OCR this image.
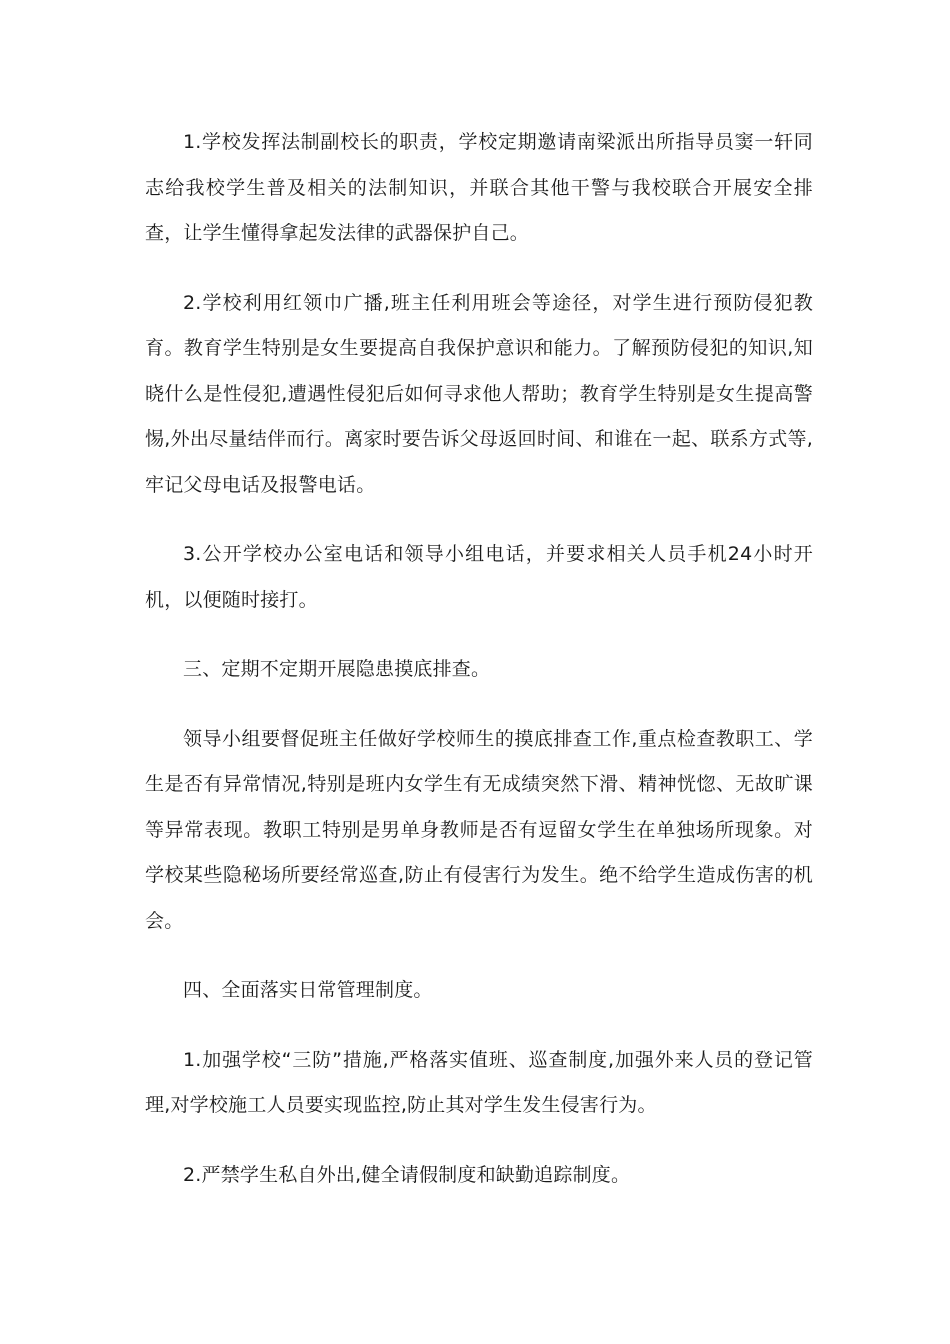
1.学校发挥法制副校长的职责，学校定期邀请南梁派出所指导员窦一轩同志给我校学生普及相关的法制知识，并联合其他干警与我校联合开展安全排查，让学生懂得拿起发法律的武器保护自己。

2.学校利用红领巾广播,班主任利用班会等途径，对学生进行预防侵犯教育。教育学生特别是女生要提高自我保护意识和能力。了解预防侵犯的知识,知晓什么是性侵犯,遭遇性侵犯后如何寻求他人帮助；教育学生特别是女生提高警惕,外出尽量结伴而行。离家时要告诉父母返回时间、和谁在一起、联系方式等,牢记父母电话及报警电话。

3.公开学校办公室电话和领导小组电话，并要求相关人员手机24小时开机，以便随时接打。

三、定期不定期开展隐患摸底排查。

领导小组要督促班主任做好学校师生的摸底排查工作,重点检查教职工、学生是否有异常情况,特别是班内女学生有无成绩突然下滑、精神恍惚、无故旷课等异常表现。教职工特别是男单身教师是否有逗留女学生在单独场所现象。对学校某些隐秘场所要经常巡查,防止有侵害行为发生。绝不给学生造成伤害的机会。

四、全面落实日常管理制度。

1.加强学校“三防”措施,严格落实值班、巡查制度,加强外来人员的登记管理,对学校施工人员要实现监控,防止其对学生发生侵害行为。

2.严禁学生私自外出,健全请假制度和缺勤追踪制度。
